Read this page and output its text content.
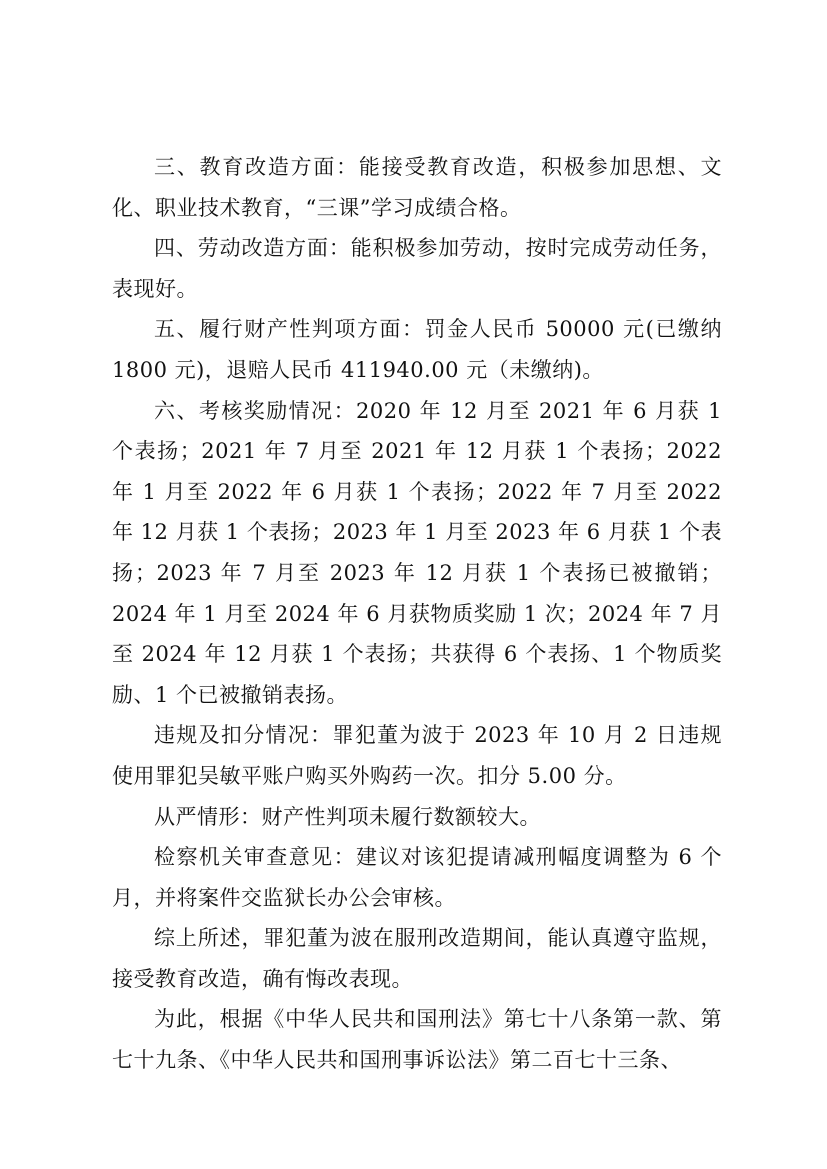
三、教育改造方面：能接受教育改造，积极参加思想、文化、职业技术教育，“三课”学习成绩合格。

四、劳动改造方面：能积极参加劳动，按时完成劳动任务，表现好。

五、履行财产性判项方面：罚金人民币 50000 元(已缴纳 1800 元)，退赔人民币 411940.00 元（未缴纳)。

六、考核奖励情况：2020 年 12 月至 2021 年 6 月获 1 个表扬；2021 年 7 月至 2021 年 12 月获 1 个表扬；2022 年 1 月至 2022 年 6 月获 1 个表扬；2022 年 7 月至 2022 年 12 月获 1 个表扬；2023 年 1 月至 2023 年 6 月获 1 个表扬；2023 年 7 月至 2023 年 12 月获 1 个表扬已被撤销；2024 年 1 月至 2024 年 6 月获物质奖励 1 次；2024 年 7 月至 2024 年 12 月获 1 个表扬；共获得 6 个表扬、1 个物质奖励、1 个已被撤销表扬。

违规及扣分情况：罪犯董为波于 2023 年 10 月 2 日违规使用罪犯吴敏平账户购买外购药一次。扣分 5.00 分。

从严情形：财产性判项未履行数额较大。

检察机关审查意见：建议对该犯提请减刑幅度调整为 6 个月，并将案件交监狱长办公会审核。

综上所述，罪犯董为波在服刑改造期间，能认真遵守监规，接受教育改造，确有悔改表现。

为此，根据《中华人民共和国刑法》第七十八条第一款、第七十九条、《中华人民共和国刑事诉讼法》第二百七十三条、
